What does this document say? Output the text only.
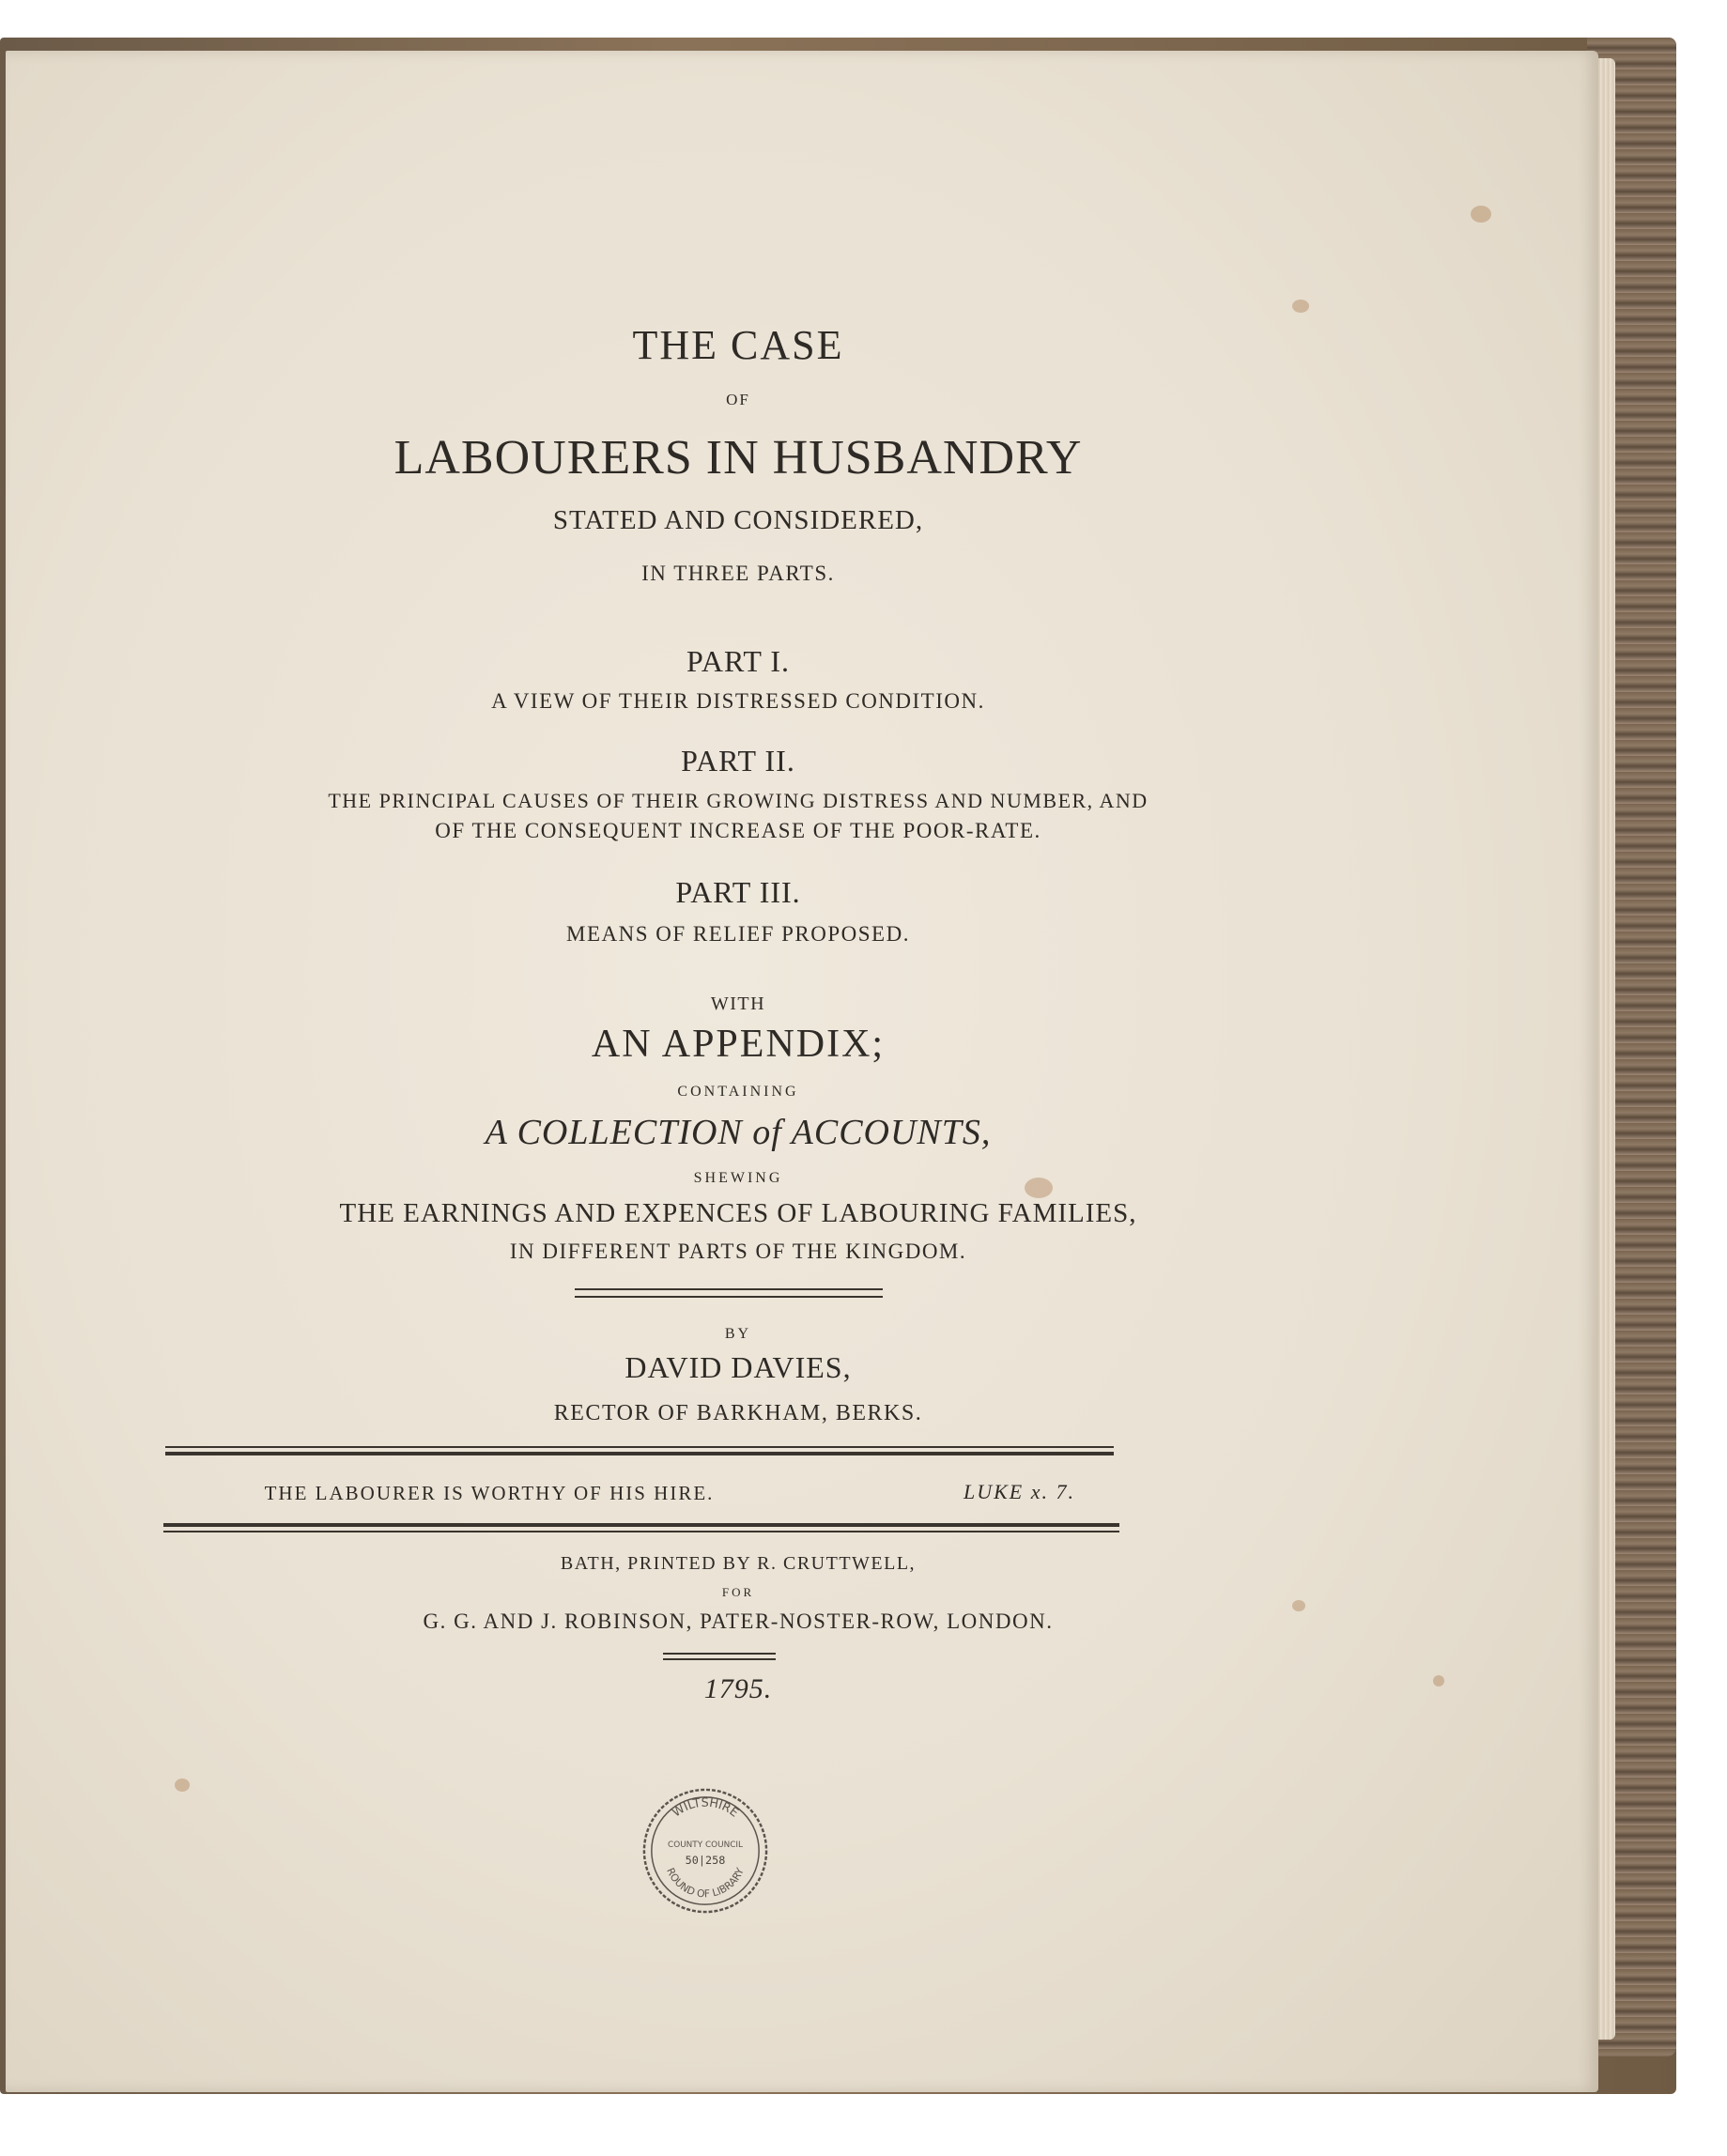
THE CASE
OF
LABOURERS IN HUSBANDRY
STATED AND CONSIDERED,
IN THREE PARTS.
PART I.
A VIEW OF THEIR DISTRESSED CONDITION.
PART II.
THE PRINCIPAL CAUSES OF THEIR GROWING DISTRESS AND NUMBER, AND
OF THE CONSEQUENT INCREASE OF THE POOR-RATE.
PART III.
MEANS OF RELIEF PROPOSED.
WITH
AN APPENDIX;
CONTAINING
A COLLECTION of ACCOUNTS,
SHEWING
THE EARNINGS AND EXPENCES OF LABOURING FAMILIES,
IN DIFFERENT PARTS OF THE KINGDOM.
BY
DAVID DAVIES,
RECTOR OF BARKHAM, BERKS.
THE LABOURER IS WORTHY OF HIS HIRE.	LUKE x. 7.
BATH, PRINTED BY R. CRUTTWELL,
FOR
G. G. AND J. ROBINSON, PATER-NOSTER-ROW, LONDON.
1795.
WILTSHIRE
COUNTY COUNCIL
50|258
ROUND OF LIBRARY
